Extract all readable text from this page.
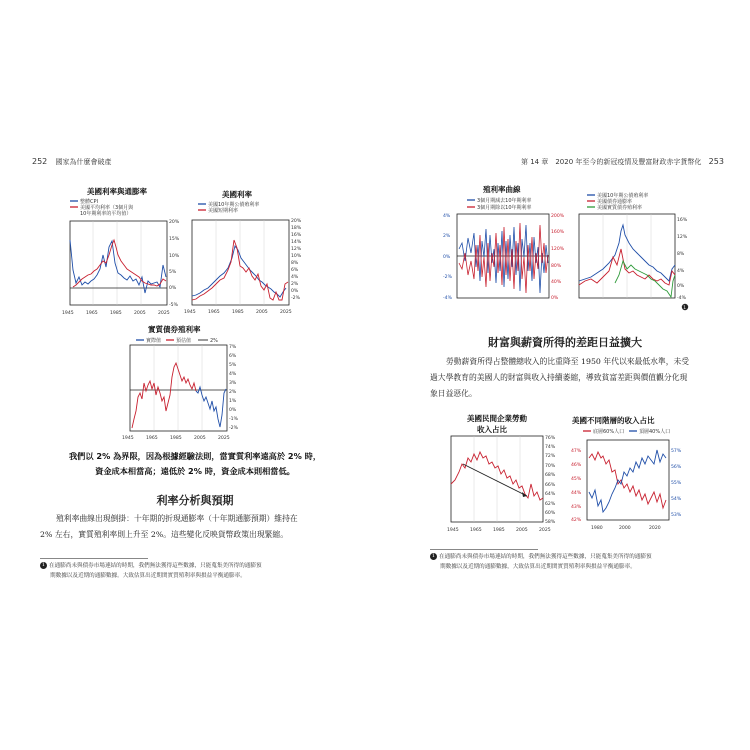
252 國家為什麼會破產
美國利率與通膨率
整體CPI
美國平均利率（3個月與
10年期利率的平均值）
20%
15%
10%
5%
0%
-5%
1945	1965	1985	2005	2025
美國利率
美國10年期公債殖利率
美國短期利率
20%
18%
16%
14%
12%
10%
8%
6%
4%
2%
0%
-2%
1945	1965	1985	2005	2025
實質債券殖利率
實際值	預估值	2%
7%
6%
5%
4%
3%
2%
1%
0%
-1%
-2%
1945	1965	1985	2005	2025
我們以 2% 為界限，因為根據經驗法則，當實質利率遠高於 2% 時，
資金成本相當高；遠低於 2% 時，資金成本則相當低。
利率分析與預期
殖利率曲線出現倒掛：十年期的折現通膨率（十年期通膨預期）維持在
2% 左右，實質殖利率則上升至 2%。這些變化反映貨幣政策出現緊縮。
1 在通膨尚未與債券市場連結的時期，我們無法獲得這些數據，只能蒐集美所得的通膨預
期數據以及近期的通膨數據。大致估算出近期閔實質殖利率與損益平衡通膨率。
第 14 章　2020 年至今的新冠疫情及豐富財政赤字貨幣化 253
殖利率曲線
3個月期減去10年期利率
3個月期除以10年期利率
4%
2%
0%
-2%
-4%
200%
160%
120%
80%
40%
0%
美國10年期公債殖利率
美國債券通膨率
美國實質債券殖利率
16%
12%
8%
4%
0%
-4%
1
財富與薪資所得的差距日益擴大
勞動薪資所得占整體總收入的比重降至 1950 年代以來最低水準，未受
過大學教育的美國人的財富與收入持續萎縮，導致貧富差距與價值觀分化現
象日益惡化。
美國民間企業勞動
收入占比
76%
74%
72%
70%
68%
66%
64%
62%
60%
58%
1945 1965 1985 2005 2025
美國不同階層的收入占比
底層60%人口	頂層40%人口
47%
46%
45%
44%
43%
42%
57%
56%
55%
54%
53%
1980	2000	2020
1 在通膨尚未與債券市場連結的時期，我們無法獲得這些數據，只能蒐集美所得的通膨預
期數據以及近期的通膨數據，大致估算出近期閔實質殖利率與損益平衡通膨率。
